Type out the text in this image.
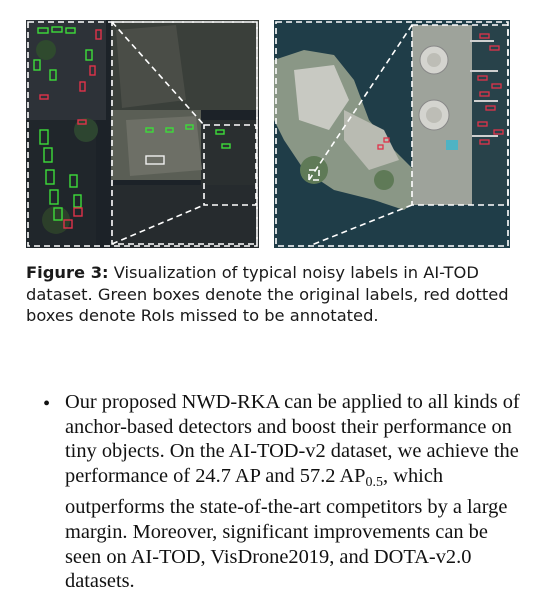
Figure 3: Visualization of typical noisy labels in AI-TOD dataset. Green boxes denote the original labels, red dotted boxes denote RoIs missed to be annotated.
• Our proposed NWD-RKA can be applied to all kinds of anchor-based detectors and boost their performance on tiny objects. On the AI-TOD-v2 dataset, we achieve the performance of 24.7 AP and 57.2 $AP_{0.5}$, which outperforms the state-of-the-art competitors by a large margin. Moreover, significant improvements can be seen on AI-TOD, VisDrone2019, and DOTA-v2.0 datasets.
